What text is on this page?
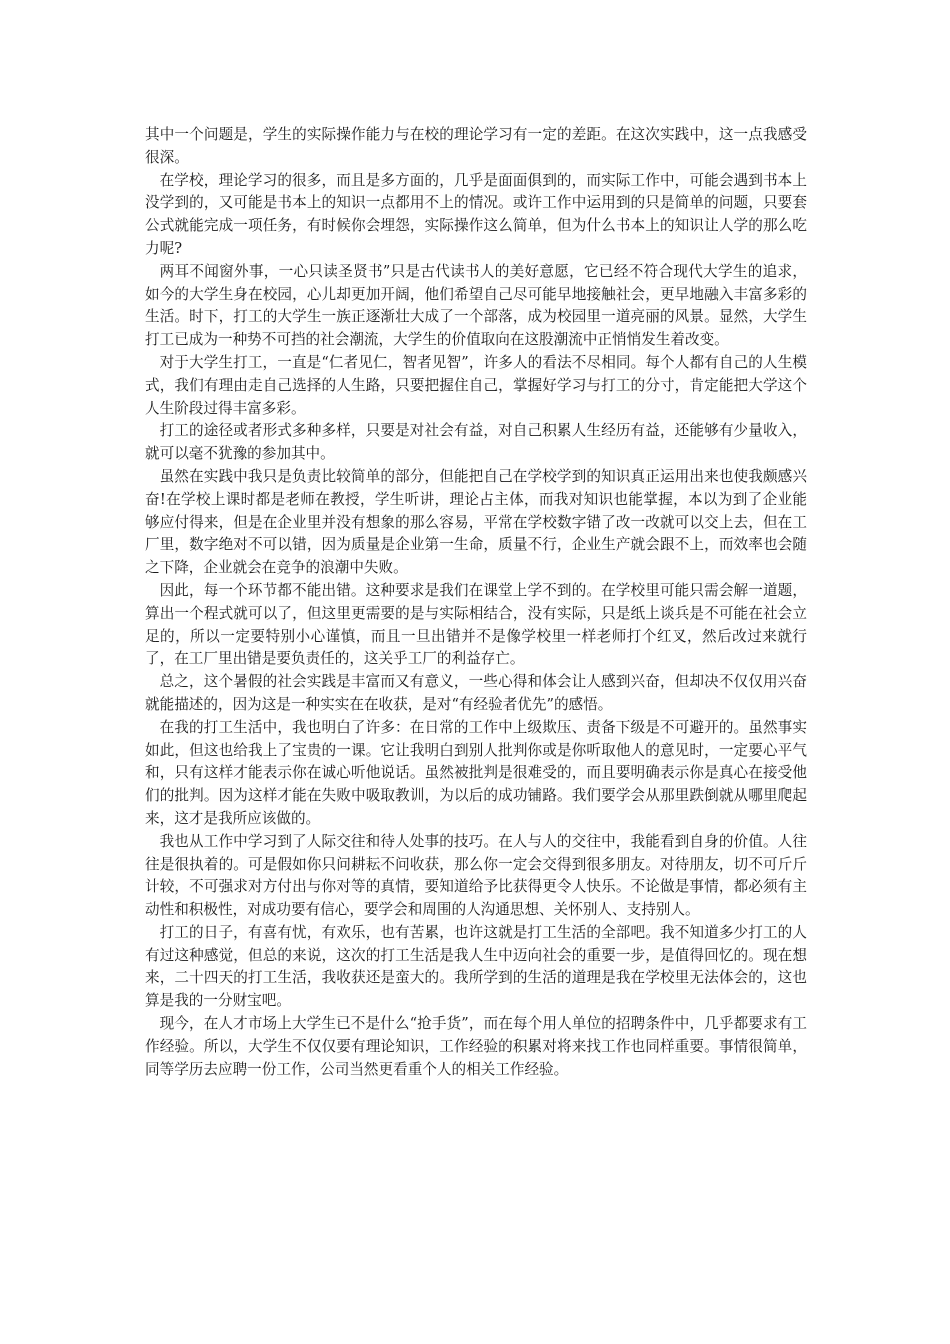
其中一个问题是，学生的实际操作能力与在校的理论学习有一定的差距。在这次实践中，这一点我感受很深。

在学校，理论学习的很多，而且是多方面的，几乎是面面俱到的，而实际工作中，可能会遇到书本上没学到的，又可能是书本上的知识一点都用不上的情况。或许工作中运用到的只是简单的问题，只要套公式就能完成一项任务，有时候你会埋怨，实际操作这么简单，但为什么书本上的知识让人学的那么吃力呢?

两耳不闻窗外事，一心只读圣贤书”只是古代读书人的美好意愿，它已经不符合现代大学生的追求，如今的大学生身在校园，心儿却更加开阔，他们希望自己尽可能早地接触社会，更早地融入丰富多彩的生活。时下，打工的大学生一族正逐渐壮大成了一个部落，成为校园里一道亮丽的风景。显然，大学生打工已成为一种势不可挡的社会潮流，大学生的价值取向在这股潮流中正悄悄发生着改变。

对于大学生打工，一直是“仁者见仁，智者见智”，许多人的看法不尽相同。每个人都有自己的人生模式，我们有理由走自己选择的人生路，只要把握住自己，掌握好学习与打工的分寸，肯定能把大学这个人生阶段过得丰富多彩。

打工的途径或者形式多种多样，只要是对社会有益，对自己积累人生经历有益，还能够有少量收入，就可以毫不犹豫的参加其中。

虽然在实践中我只是负责比较简单的部分，但能把自己在学校学到的知识真正运用出来也使我颇感兴奋!在学校上课时都是老师在教授，学生听讲，理论占主体，而我对知识也能掌握，本以为到了企业能够应付得来，但是在企业里并没有想象的那么容易，平常在学校数字错了改一改就可以交上去，但在工厂里，数字绝对不可以错，因为质量是企业第一生命，质量不行，企业生产就会跟不上，而效率也会随之下降，企业就会在竞争的浪潮中失败。

因此，每一个环节都不能出错。这种要求是我们在课堂上学不到的。在学校里可能只需会解一道题，算出一个程式就可以了，但这里更需要的是与实际相结合，没有实际，只是纸上谈兵是不可能在社会立足的，所以一定要特别小心谨慎，而且一旦出错并不是像学校里一样老师打个红叉，然后改过来就行了，在工厂里出错是要负责任的，这关乎工厂的利益存亡。

总之，这个暑假的社会实践是丰富而又有意义，一些心得和体会让人感到兴奋，但却决不仅仅用兴奋就能描述的，因为这是一种实实在在收获，是对“有经验者优先”的感悟。

在我的打工生活中，我也明白了许多：在日常的工作中上级欺压、责备下级是不可避开的。虽然事实如此，但这也给我上了宝贵的一课。它让我明白到别人批判你或是你听取他人的意见时，一定要心平气和，只有这样才能表示你在诚心听他说话。虽然被批判是很难受的，而且要明确表示你是真心在接受他们的批判。因为这样才能在失败中吸取教训，为以后的成功铺路。我们要学会从那里跌倒就从哪里爬起来，这才是我所应该做的。

我也从工作中学习到了人际交往和待人处事的技巧。在人与人的交往中，我能看到自身的价值。人往往是很执着的。可是假如你只问耕耘不问收获，那么你一定会交得到很多朋友。对待朋友，切不可斤斤计较，不可强求对方付出与你对等的真情，要知道给予比获得更令人快乐。不论做是事情，都必须有主动性和积极性，对成功要有信心，要学会和周围的人沟通思想、关怀别人、支持别人。

打工的日子，有喜有忧，有欢乐，也有苦累，也许这就是打工生活的全部吧。我不知道多少打工的人有过这种感觉，但总的来说，这次的打工生活是我人生中迈向社会的重要一步，是值得回忆的。现在想来，二十四天的打工生活，我收获还是蛮大的。我所学到的生活的道理是我在学校里无法体会的，这也算是我的一分财宝吧。

现今，在人才市场上大学生已不是什么“抢手货”，而在每个用人单位的招聘条件中，几乎都要求有工作经验。所以，大学生不仅仅要有理论知识，工作经验的积累对将来找工作也同样重要。事情很简单，同等学历去应聘一份工作，公司当然更看重个人的相关工作经验。
